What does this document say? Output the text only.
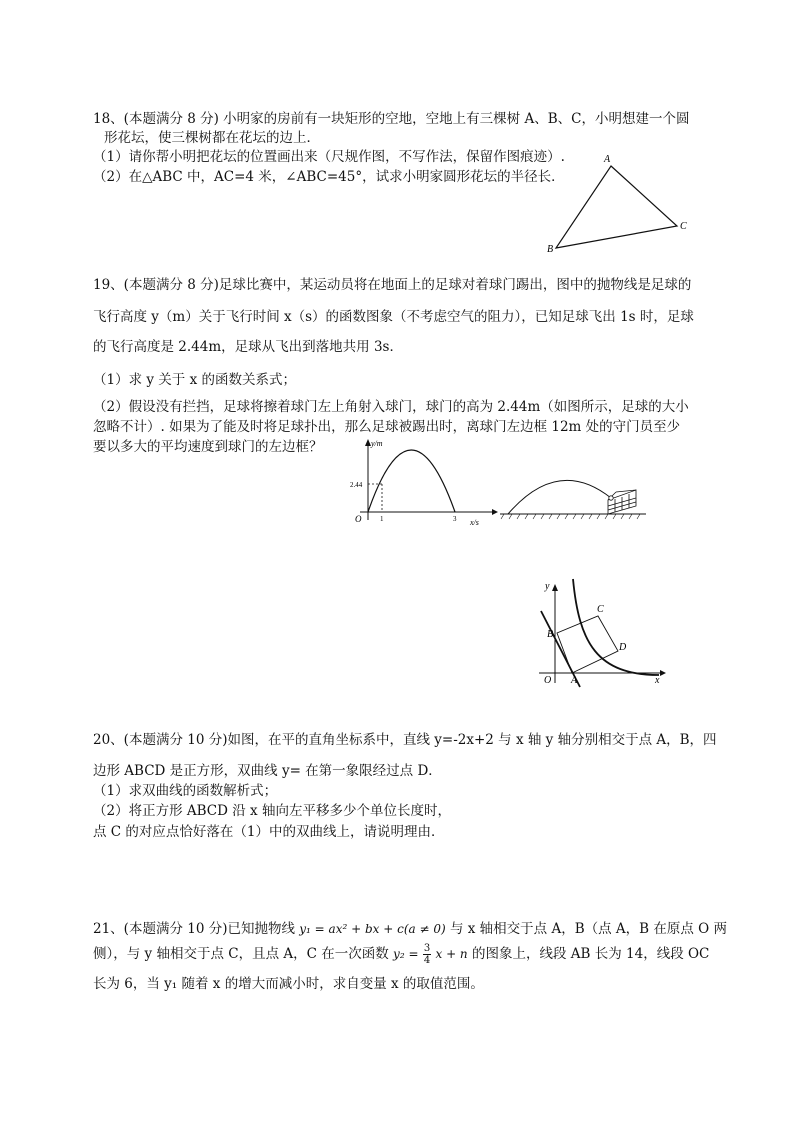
18、(本题满分 8 分) 小明家的房前有一块矩形的空地，空地上有三棵树 A、B、C，小明想建一个圆
形花坛，使三棵树都在花坛的边上．
（1）请你帮小明把花坛的位置画出来（尺规作图，不写作法，保留作图痕迹）.
（2）在△ABC 中，AC=4 米，∠ABC=45°，试求小明家圆形花坛的半径长．
A
B
C
19、(本题满分 8 分)足球比赛中，某运动员将在地面上的足球对着球门踢出，图中的抛物线是足球的
飞行高度 y（m）关于飞行时间 x（s）的函数图象（不考虑空气的阻力），已知足球飞出 1s 时，足球
的飞行高度是 2.44m，足球从飞出到落地共用 3s．
（1）求 y 关于 x 的函数关系式；
（2）假设没有拦挡，足球将擦着球门左上角射入球门，球门的高为 2.44m（如图所示，足球的大小
忽略不计）. 如果为了能及时将足球扑出，那么足球被踢出时，离球门左边框 12m 处的守门员至少
要以多大的平均速度到球门的左边框？	y/m
2.44
O	1	3 x/s
y
x
O A
B
C
D
20、(本题满分 10 分)如图，在平的直角坐标系中，直线 y=-2x+2 与 x 轴 y 轴分别相交于点 A，B，四
边形 ABCD 是正方形，双曲线 y= 在第一象限经过点 D．
（1）求双曲线的函数解析式；
（2）将正方形 ABCD 沿 x 轴向左平移多少个单位长度时，
点 C 的对应点恰好落在（1）中的双曲线上，请说明理由．
21、(本题满分 10 分)已知抛物线 y₁ = ax² + bx + c(a ≠ 0) 与 x 轴相交于点 A，B（点 A，B 在原点 O 两
侧），与 y 轴相交于点 C，且点 A，C 在一次函数 $y_2 = \frac{3}{4}$ x + n 的图象上，线段 AB 长为 14，线段 OC
长为 6，当 y₁ 随着 x 的增大而减小时，求自变量 x 的取值范围。
